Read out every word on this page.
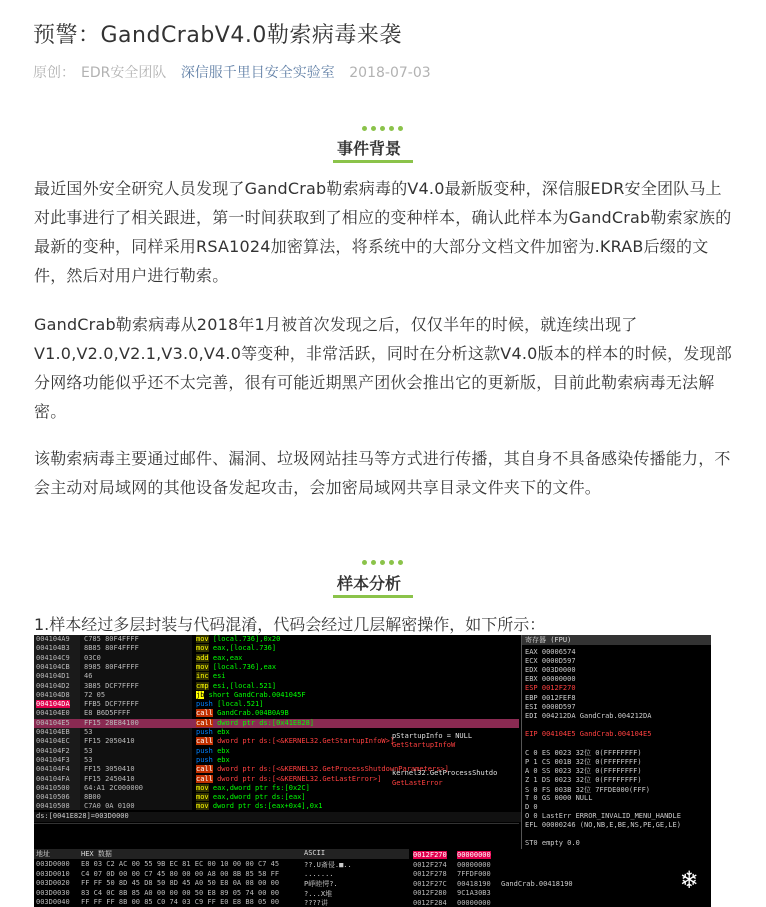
预警：GandCrabV4.0勒索病毒来袭
原创： EDR安全团队 深信服千里目安全实验室 2018-07-03
事件背景
最近国外安全研究人员发现了GandCrab勒索病毒的V4.0最新版变种，深信服EDR安全团队马上对此事进行了相关跟进，第一时间获取到了相应的变种样本，确认此样本为GandCrab勒索家族的最新的变种，同样采用RSA1024加密算法，将系统中的大部分文档文件加密为.KRAB后缀的文件，然后对用户进行勒索。
GandCrab勒索病毒从2018年1月被首次发现之后，仅仅半年的时候，就连续出现了V1.0,V2.0,V2.1,V3.0,V4.0等变种，非常活跃，同时在分析这款V4.0版本的样本的时候，发现部分网络功能似乎还不太完善，很有可能近期黑产团伙会推出它的更新版，目前此勒索病毒无法解密。
该勒索病毒主要通过邮件、漏洞、垃圾网站挂马等方式进行传播，其自身不具备感染传播能力，不会主动对局域网的其他设备发起攻击，会加密局域网共享目录文件夹下的文件。
样本分析
1.样本经过多层封装与代码混淆，代码会经过几层解密操作，如下所示：
004104A9 C785 80F4FFFF	mov [local.736],0x20
004104B3 8B85 80F4FFFF	mov eax,[local.736]
004104C9 03C0	add eax,eax
004104CB 8985 80F4FFFF	mov [local.736],eax
004104D1 46	inc esi
004104D2 3B85 DCF7FFFF	cmp esi,[local.521]
004104D8 72 05	jb short GandCrab.0041045F
004104DA FFB5 DCF7FFFF	push [local.521]
004104E0 E8 B6D5FFFF	call GandCrab.004B0A9B
004104E5 FF15 28E84100	call dword ptr ds:[0x41E828]
004104EB 53	push ebx
004104EC FF15 2050410	call dword ptr ds:[<&KERNEL32.GetStartupInfoW>]
004104F2 53	push ebx
004104F3 53	push ebx
004104F4 FF15 3050410	call dword ptr ds:[<&KERNEL32.GetProcessShutdownParameters>]
004104FA FF15 2450410	call dword ptr ds:[<&KERNEL32.GetLastError>]
00410500 64:A1 2C000000	mov eax,dword ptr fs:[0x2C]
00410506 8B00	mov eax,dword ptr ds:[eax]
00410508 C7A0 0A 0100	mov dword ptr ds:[eax+0x4],0x1
pStartupInfo = NULL
GetStartupInfoW
kernel32.GetProcessShutdo
GetLastError
ds:[0041E828]=003D0000
寄存器 (FPU)
EAX 00006574
ECX 0000D597
EDX 003D0000
EBX 00000000
ESP 0012F270
EBP 0012FEF8
ESI 0000D597
EDI 004212DA GandCrab.004212DA
EIP 004104E5 GandCrab.004104E5
C 0 ES 0023 32位 0(FFFFFFFF)
P 1 CS 001B 32位 0(FFFFFFFF)
A 0 SS 0023 32位 0(FFFFFFFF)
Z 1 DS 0023 32位 0(FFFFFFFF)
S 0 FS 003B 32位 7FFDE000(FFF)
T 0 GS 0000 NULL
D 0
O 0 LastErr ERROR_INVALID_MENU_HANDLE
EFL 00000246 (NO,NB,E,BE,NS,PE,GE,LE)
ST0 empty 0.0
地址	HEX 数据	ASCII
003D0000 E8 03 C2 AC 00 55 9B EC 81 EC 00 10 00 00 C7 45	??.U斎侵.■..
003D0010 C4 07 0D 00 00 C7 45 80 00 00 A8 00 8B 85 58 FF	.......
003D0020 FF FF 50 8D 45 D8 50 8D 45 A0 50 E8 0A 08 00 00	P崢睦愕?.
003D0030 83 C4 0C 8B 85 A0 00 00 00 50 E8 89 05 74 00 00	?...X堆
003D0040 FF FF FF 8B 00 85 C0 74 03 C9 FF E0 E8 B8 05 00	????讲
0012F270 00000000
0012F274 00000000
0012F278 7FFDF000
0012F27C 00418190 GandCrab.00418190
0012F280 9C1A30B3
0012F284 00000000
❄
